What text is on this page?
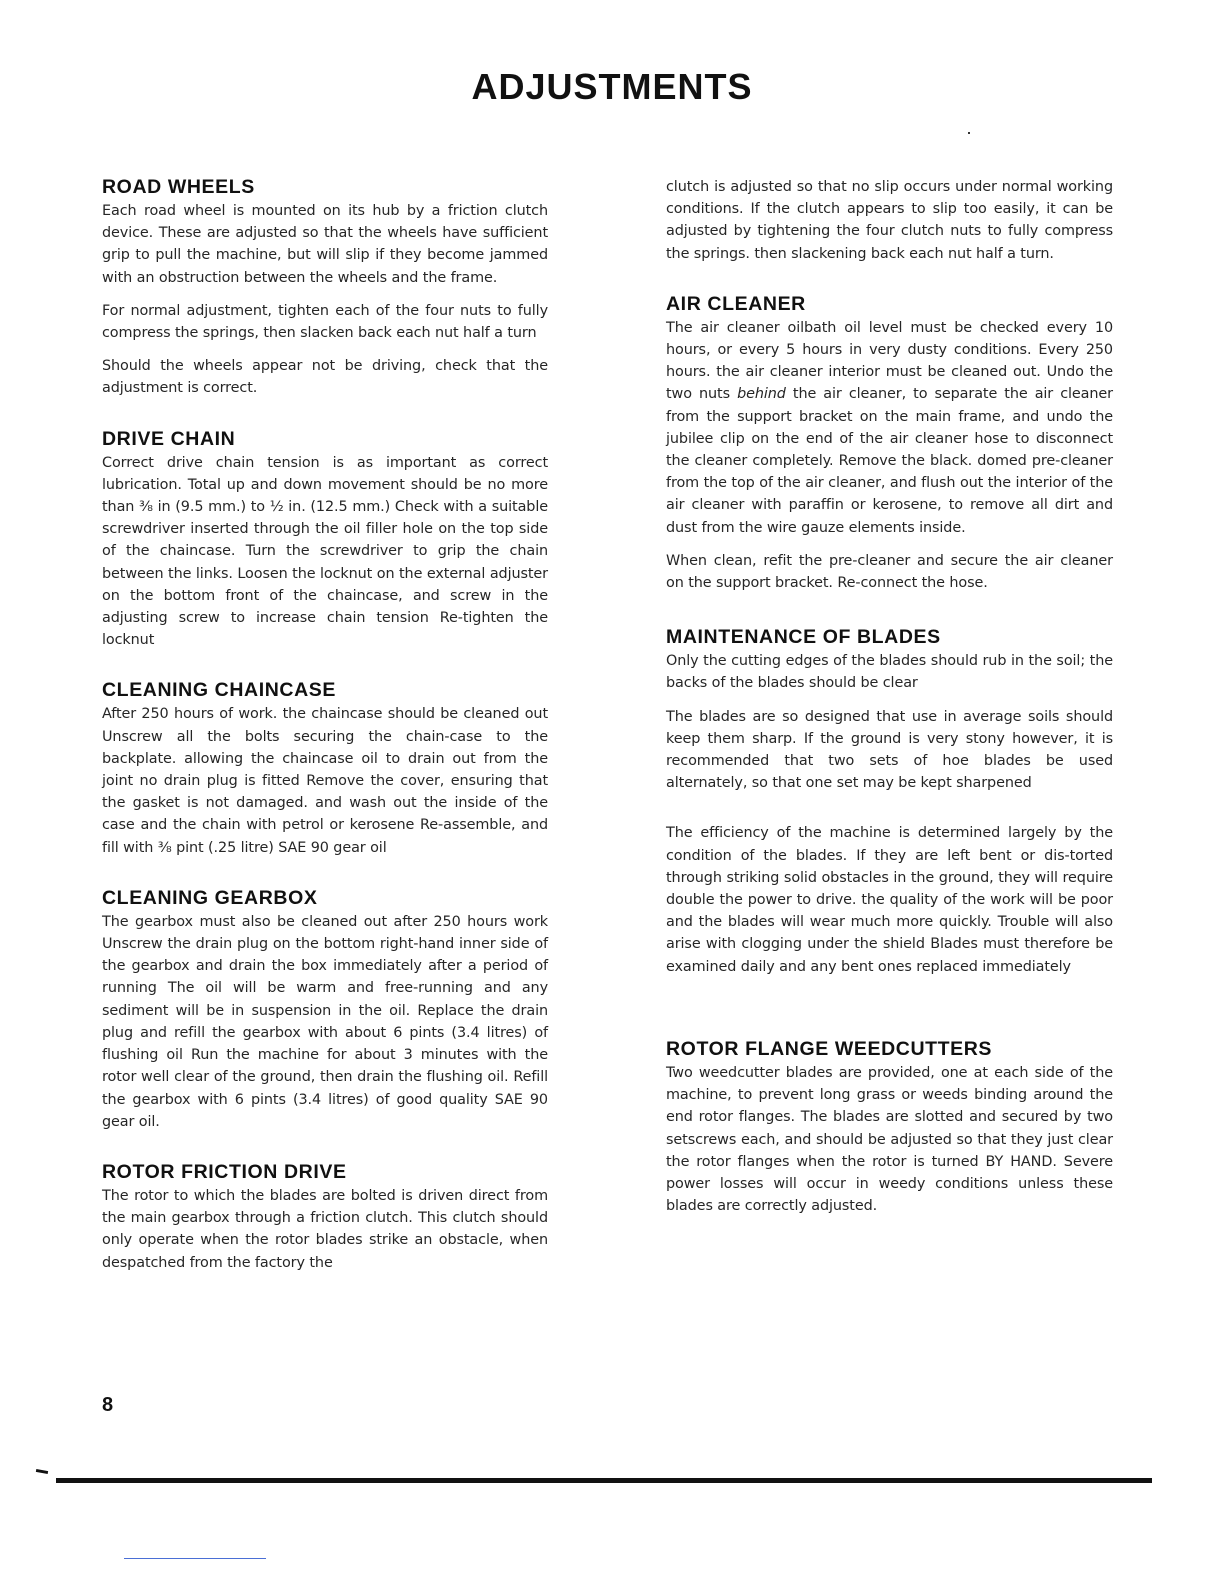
ADJUSTMENTS
ROAD WHEELS

Each road wheel is mounted on its hub by a friction clutch device. These are adjusted so that the wheels have sufficient grip to pull the machine, but will slip if they become jammed with an obstruction between the wheels and the frame.

For normal adjustment, tighten each of the four nuts to fully compress the springs, then slacken back each nut half a turn

Should the wheels appear not be driving, check that the adjustment is correct.

DRIVE CHAIN

Correct drive chain tension is as important as correct lubrication. Total up and down movement should be no more than ⅜ in (9.5 mm.) to ½ in. (12.5 mm.) Check with a suitable screwdriver inserted through the oil filler hole on the top side of the chaincase. Turn the screwdriver to grip the chain between the links. Loosen the locknut on the external adjuster on the bottom front of the chaincase, and screw in the adjusting screw to increase chain tension Re-tighten the locknut

CLEANING CHAINCASE

After 250 hours of work. the chaincase should be cleaned out Unscrew all the bolts securing the chain-case to the backplate. allowing the chaincase oil to drain out from the joint no drain plug is fitted Remove the cover, ensuring that the gasket is not damaged. and wash out the inside of the case and the chain with petrol or kerosene Re-assemble, and fill with ⅜ pint (.25 litre) SAE 90 gear oil

CLEANING GEARBOX

The gearbox must also be cleaned out after 250 hours work Unscrew the drain plug on the bottom right-hand inner side of the gearbox and drain the box immediately after a period of running The oil will be warm and free-running and any sediment will be in suspension in the oil. Replace the drain plug and refill the gearbox with about 6 pints (3.4 litres) of flushing oil Run the machine for about 3 minutes with the rotor well clear of the ground, then drain the flushing oil. Refill the gearbox with 6 pints (3.4 litres) of good quality SAE 90 gear oil.

ROTOR FRICTION DRIVE

The rotor to which the blades are bolted is driven direct from the main gearbox through a friction clutch. This clutch should only operate when the rotor blades strike an obstacle, when despatched from the factory the

clutch is adjusted so that no slip occurs under normal working conditions. If the clutch appears to slip too easily, it can be adjusted by tightening the four clutch nuts to fully compress the springs. then slackening back each nut half a turn.

AIR CLEANER

The air cleaner oilbath oil level must be checked every 10 hours, or every 5 hours in very dusty conditions. Every 250 hours. the air cleaner interior must be cleaned out. Undo the two nuts behind the air cleaner, to separate the air cleaner from the support bracket on the main frame, and undo the jubilee clip on the end of the air cleaner hose to disconnect the cleaner completely. Remove the black. domed pre-cleaner from the top of the air cleaner, and flush out the interior of the air cleaner with paraffin or kerosene, to remove all dirt and dust from the wire gauze elements inside.

When clean, refit the pre-cleaner and secure the air cleaner on the support bracket. Re-connect the hose.

MAINTENANCE OF BLADES

Only the cutting edges of the blades should rub in the soil; the backs of the blades should be clear

The blades are so designed that use in average soils should keep them sharp. If the ground is very stony however, it is recommended that two sets of hoe blades be used alternately, so that one set may be kept sharpened

The efficiency of the machine is determined largely by the condition of the blades. If they are left bent or dis-torted through striking solid obstacles in the ground, they will require double the power to drive. the quality of the work will be poor and the blades will wear much more quickly. Trouble will also arise with clogging under the shield Blades must therefore be examined daily and any bent ones replaced immediately

ROTOR FLANGE WEEDCUTTERS

Two weedcutter blades are provided, one at each side of the machine, to prevent long grass or weeds binding around the end rotor flanges. The blades are slotted and secured by two setscrews each, and should be adjusted so that they just clear the rotor flanges when the rotor is turned BY HAND. Severe power losses will occur in weedy conditions unless these blades are correctly adjusted.

8
